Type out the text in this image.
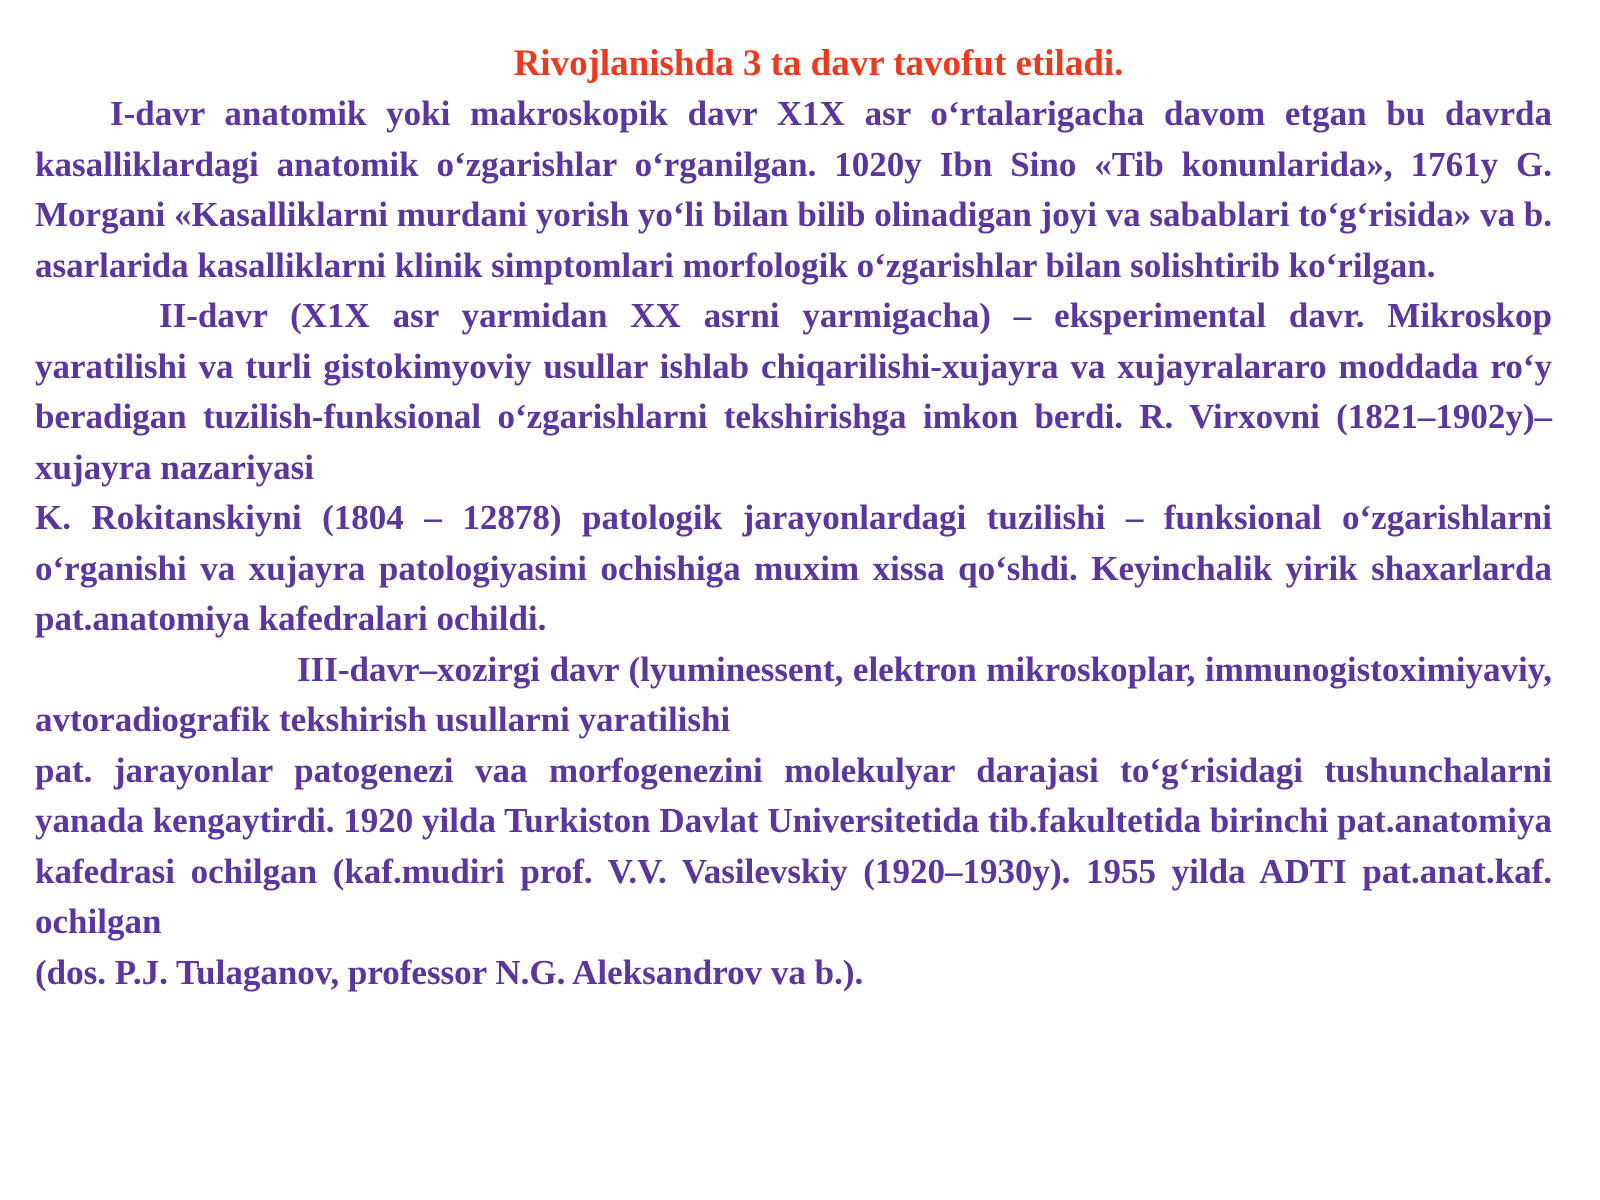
Rivojlanishda 3 ta davr tavofut etiladi.

I-davr anatomik yoki makroskopik davr X1X asr o‘rtalarigacha davom etgan bu davrda kasalliklardagi anatomik o‘zgarishlar o‘rganilgan. 1020y Ibn Sino «Tib konunlarida», 1761y G. Morgani «Kasalliklarni murdani yorish yo‘li bilan bilib olinadigan joyi va sabablari to‘g‘risida» va b. asarlarida kasalliklarni klinik simptomlari morfologik o‘zgarishlar bilan solishtirib ko‘rilgan.

II-davr (X1X asr yarmidan XX asrni yarmigacha) – eksperimental davr. Mikroskop yaratilishi va turli gistokimyoviy usullar ishlab chiqarilishi-xujayra va xujayralararo moddada ro‘y beradigan tuzilish-funksional o‘zgarishlarni tekshirishga imkon berdi. R. Virxovni (1821–1902y)–xujayra nazariyasi

K. Rokitanskiyni (1804 – 12878) patologik jarayonlardagi tuzilishi – funksional o‘zgarishlarni o‘rganishi va xujayra patologiyasini ochishiga muxim xissa qo‘shdi. Keyinchalik yirik shaxarlarda pat.anatomiya kafedralari ochildi.

III-davr–xozirgi davr (lyuminessent, elektron mikroskoplar, immunogistoximiyaviy, avtoradiografik tekshirish usullarni yaratilishi

pat. jarayonlar patogenezi vaa morfogenezini molekulyar darajasi to‘g‘risidagi tushunchalarni yanada kengaytirdi. 1920 yilda Turkiston Davlat Universitetida tib.fakultetida birinchi pat.anatomiya kafedrasi ochilgan (kaf.mudiri prof. V.V. Vasilevskiy (1920–1930y). 1955 yilda ADTI pat.anat.kaf. ochilgan

(dos. P.J. Tulaganov, professor N.G. Aleksandrov va b.).
